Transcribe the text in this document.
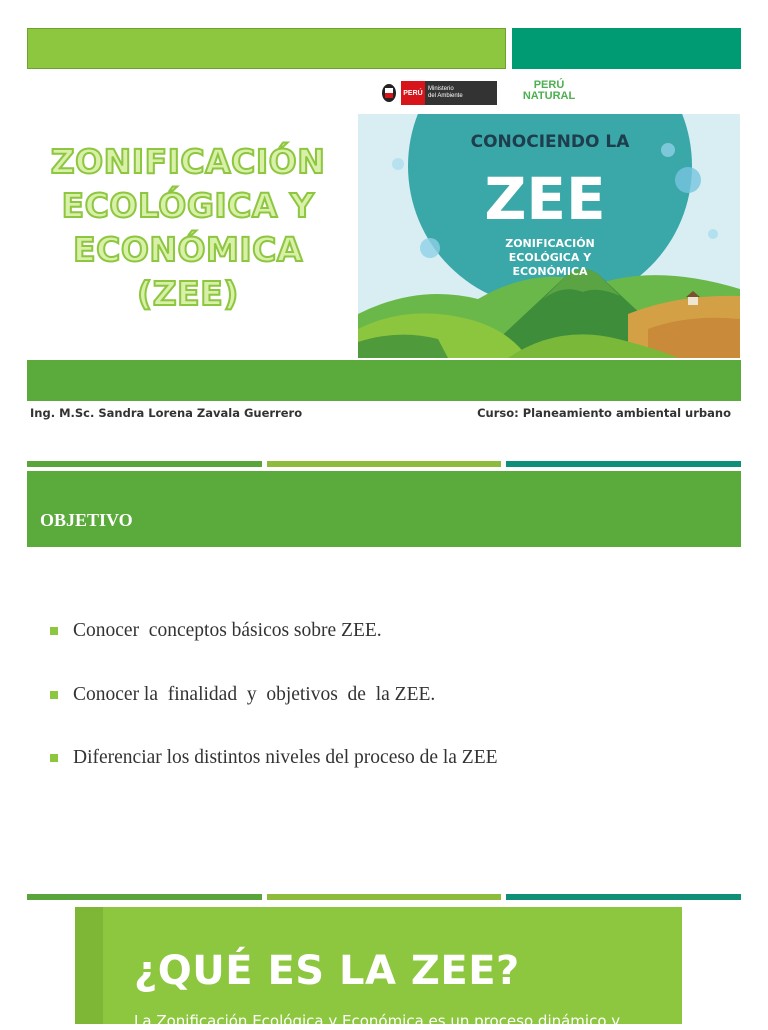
ZONIFICACIÓN
ECOLÓGICA Y
ECONÓMICA
(ZEE)
PERÚ
Ministerio
del Ambiente
PERÚ
NATURAL
CONOCIENDO LA
ZEE
ZONIFICACIÓN
ECOLÓGICA Y
ECONÓMICA
Ing. M.Sc. Sandra Lorena Zavala Guerrero	Curso: Planeamiento ambiental urbano
OBJETIVO
Conocer  conceptos básicos sobre ZEE.
Conocer la  finalidad  y  objetivos  de  la ZEE.
Diferenciar los distintos niveles del proceso de la ZEE
¿QUÉ ES LA ZEE?
La Zonificación Ecológica y Económica es un proceso dinámico y
